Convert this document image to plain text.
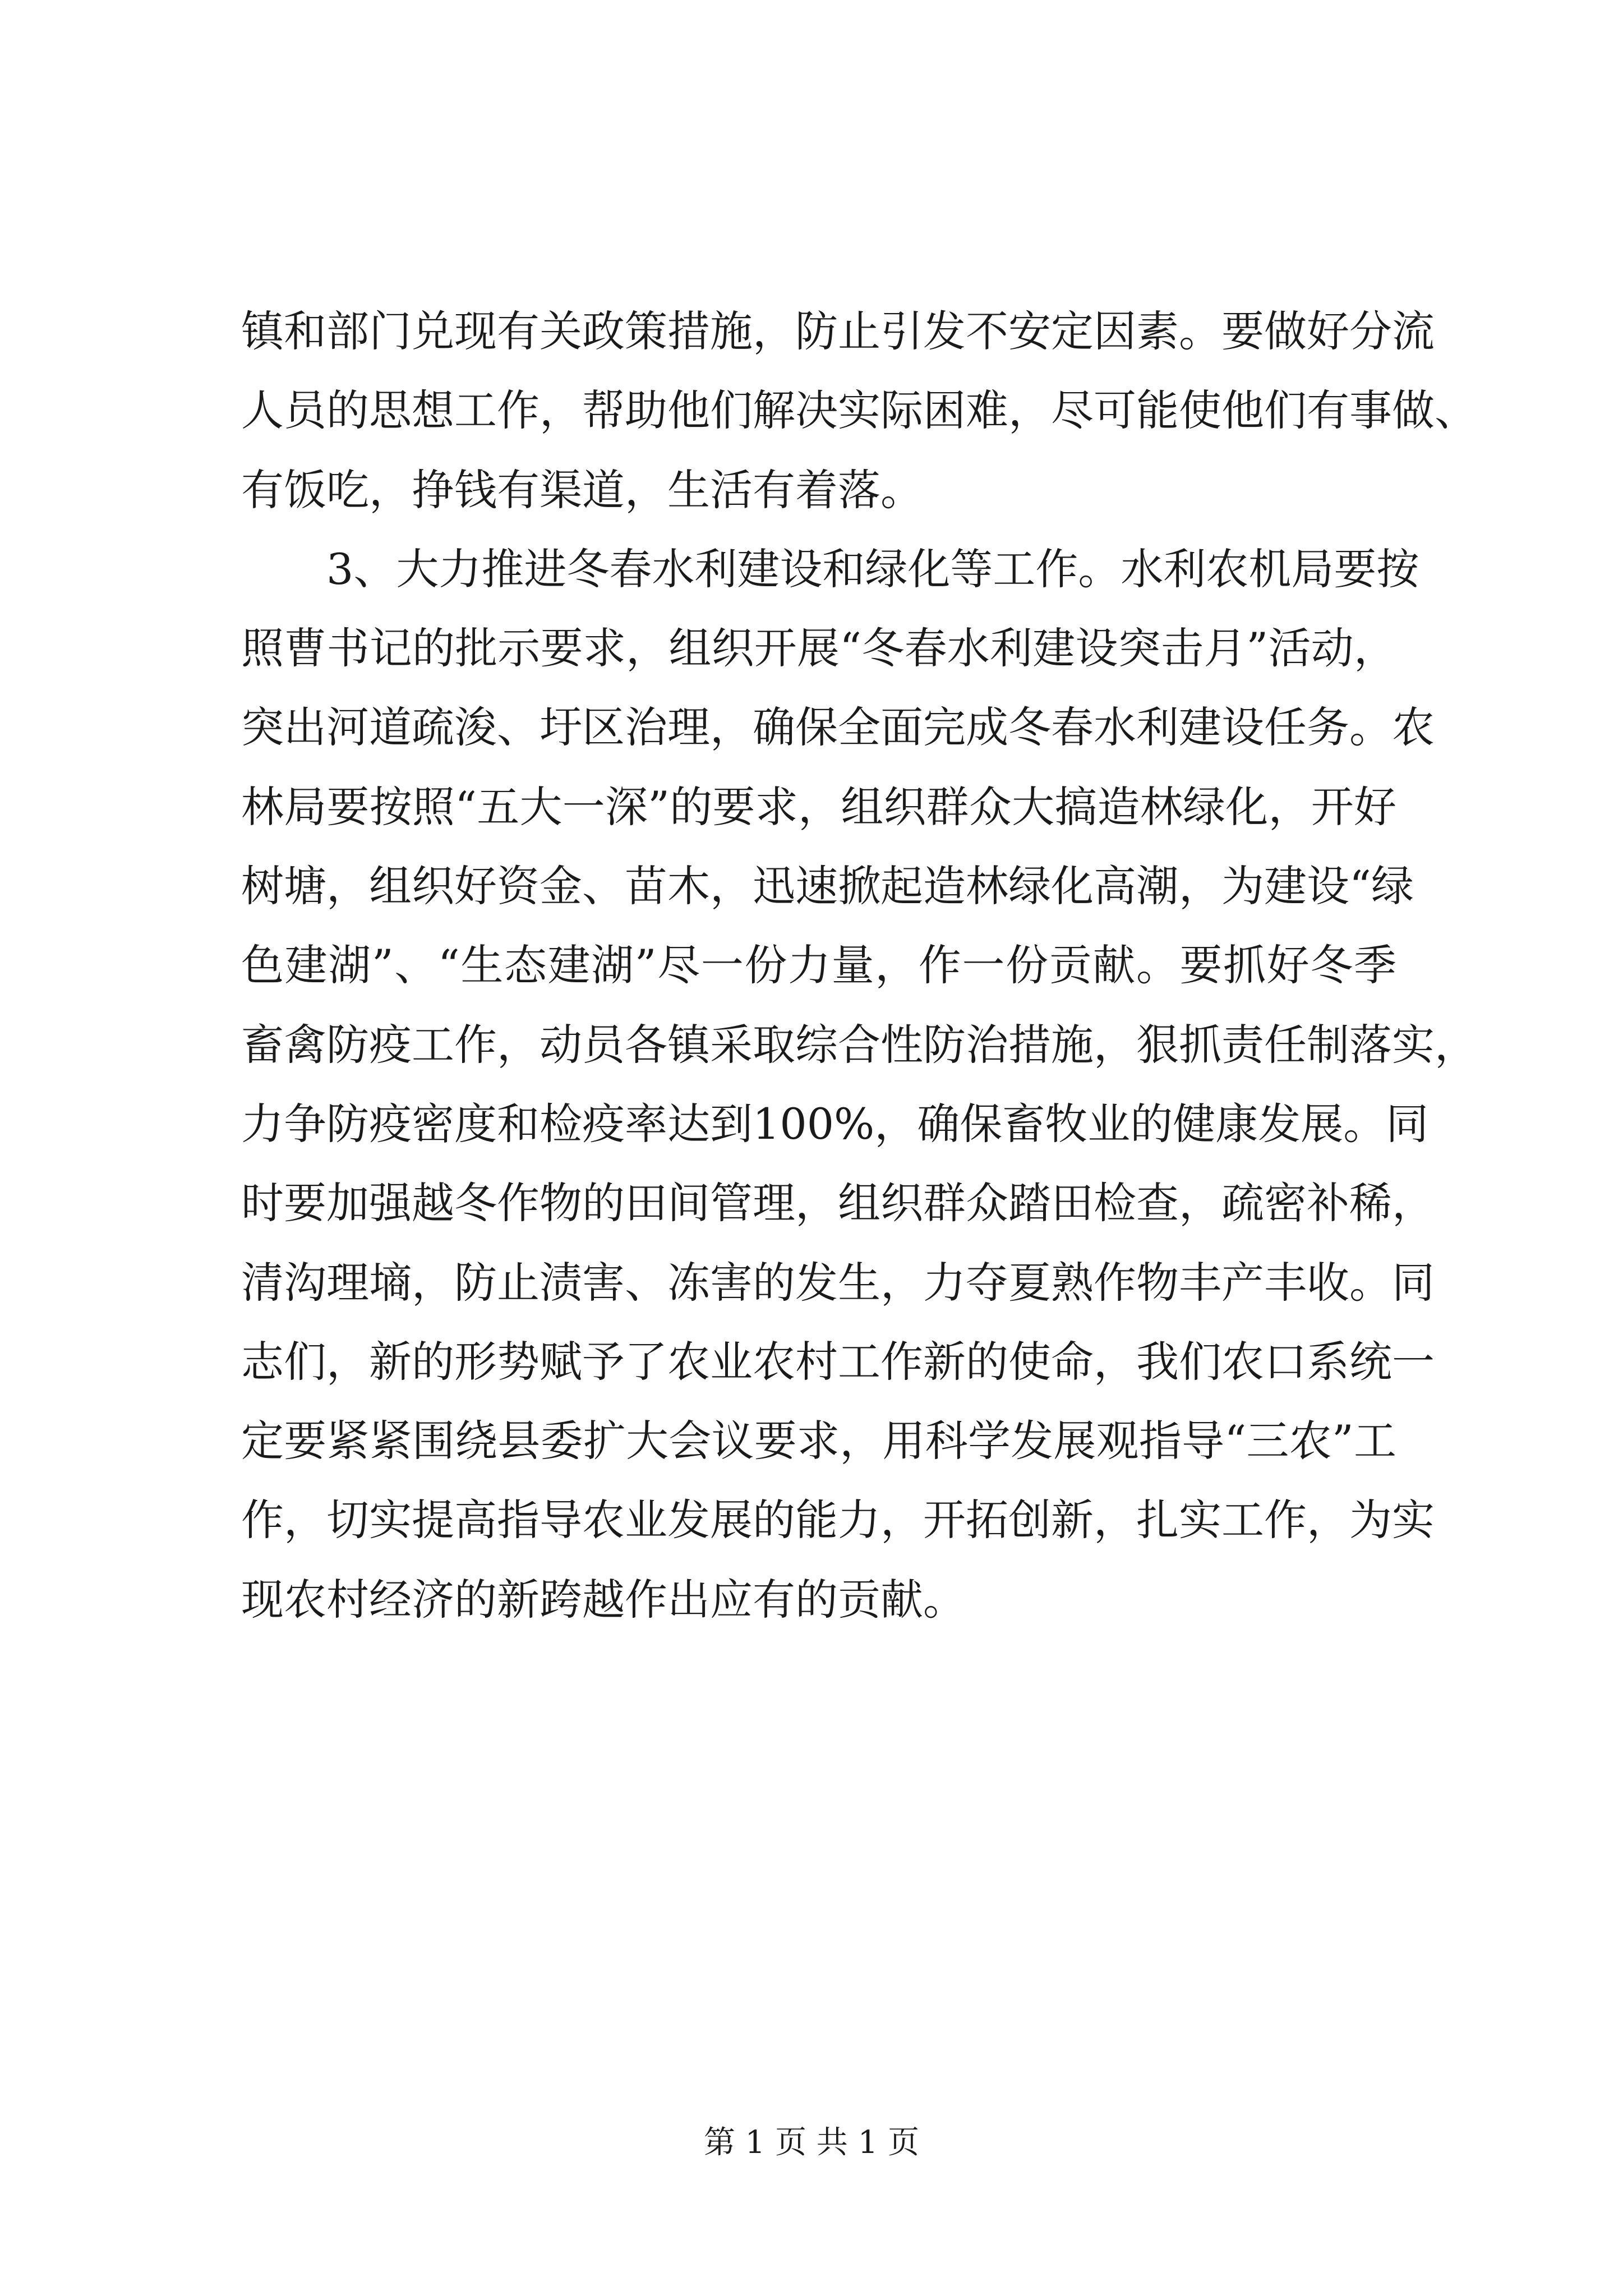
镇和部门兑现有关政策措施，防止引发不安定因素。要做好分流
人员的思想工作，帮助他们解决实际困难，尽可能使他们有事做、
有饭吃，挣钱有渠道，生活有着落。
　　3、大力推进冬春水利建设和绿化等工作。水利农机局要按
照曹书记的批示要求，组织开展“冬春水利建设突击月”活动，
突出河道疏浚、圩区治理，确保全面完成冬春水利建设任务。农
林局要按照“五大一深”的要求，组织群众大搞造林绿化，开好
树塘，组织好资金、苗木，迅速掀起造林绿化高潮，为建设“绿
色建湖”、“生态建湖”尽一份力量，作一份贡献。要抓好冬季
畜禽防疫工作，动员各镇采取综合性防治措施，狠抓责任制落实，
力争防疫密度和检疫率达到100%，确保畜牧业的健康发展。同
时要加强越冬作物的田间管理，组织群众踏田检查，疏密补稀，
清沟理墒，防止渍害、冻害的发生，力夺夏熟作物丰产丰收。同
志们，新的形势赋予了农业农村工作新的使命，我们农口系统一
定要紧紧围绕县委扩大会议要求，用科学发展观指导“三农”工
作，切实提高指导农业发展的能力，开拓创新，扎实工作，为实
现农村经济的新跨越作出应有的贡献。
第 1 页 共 1 页
